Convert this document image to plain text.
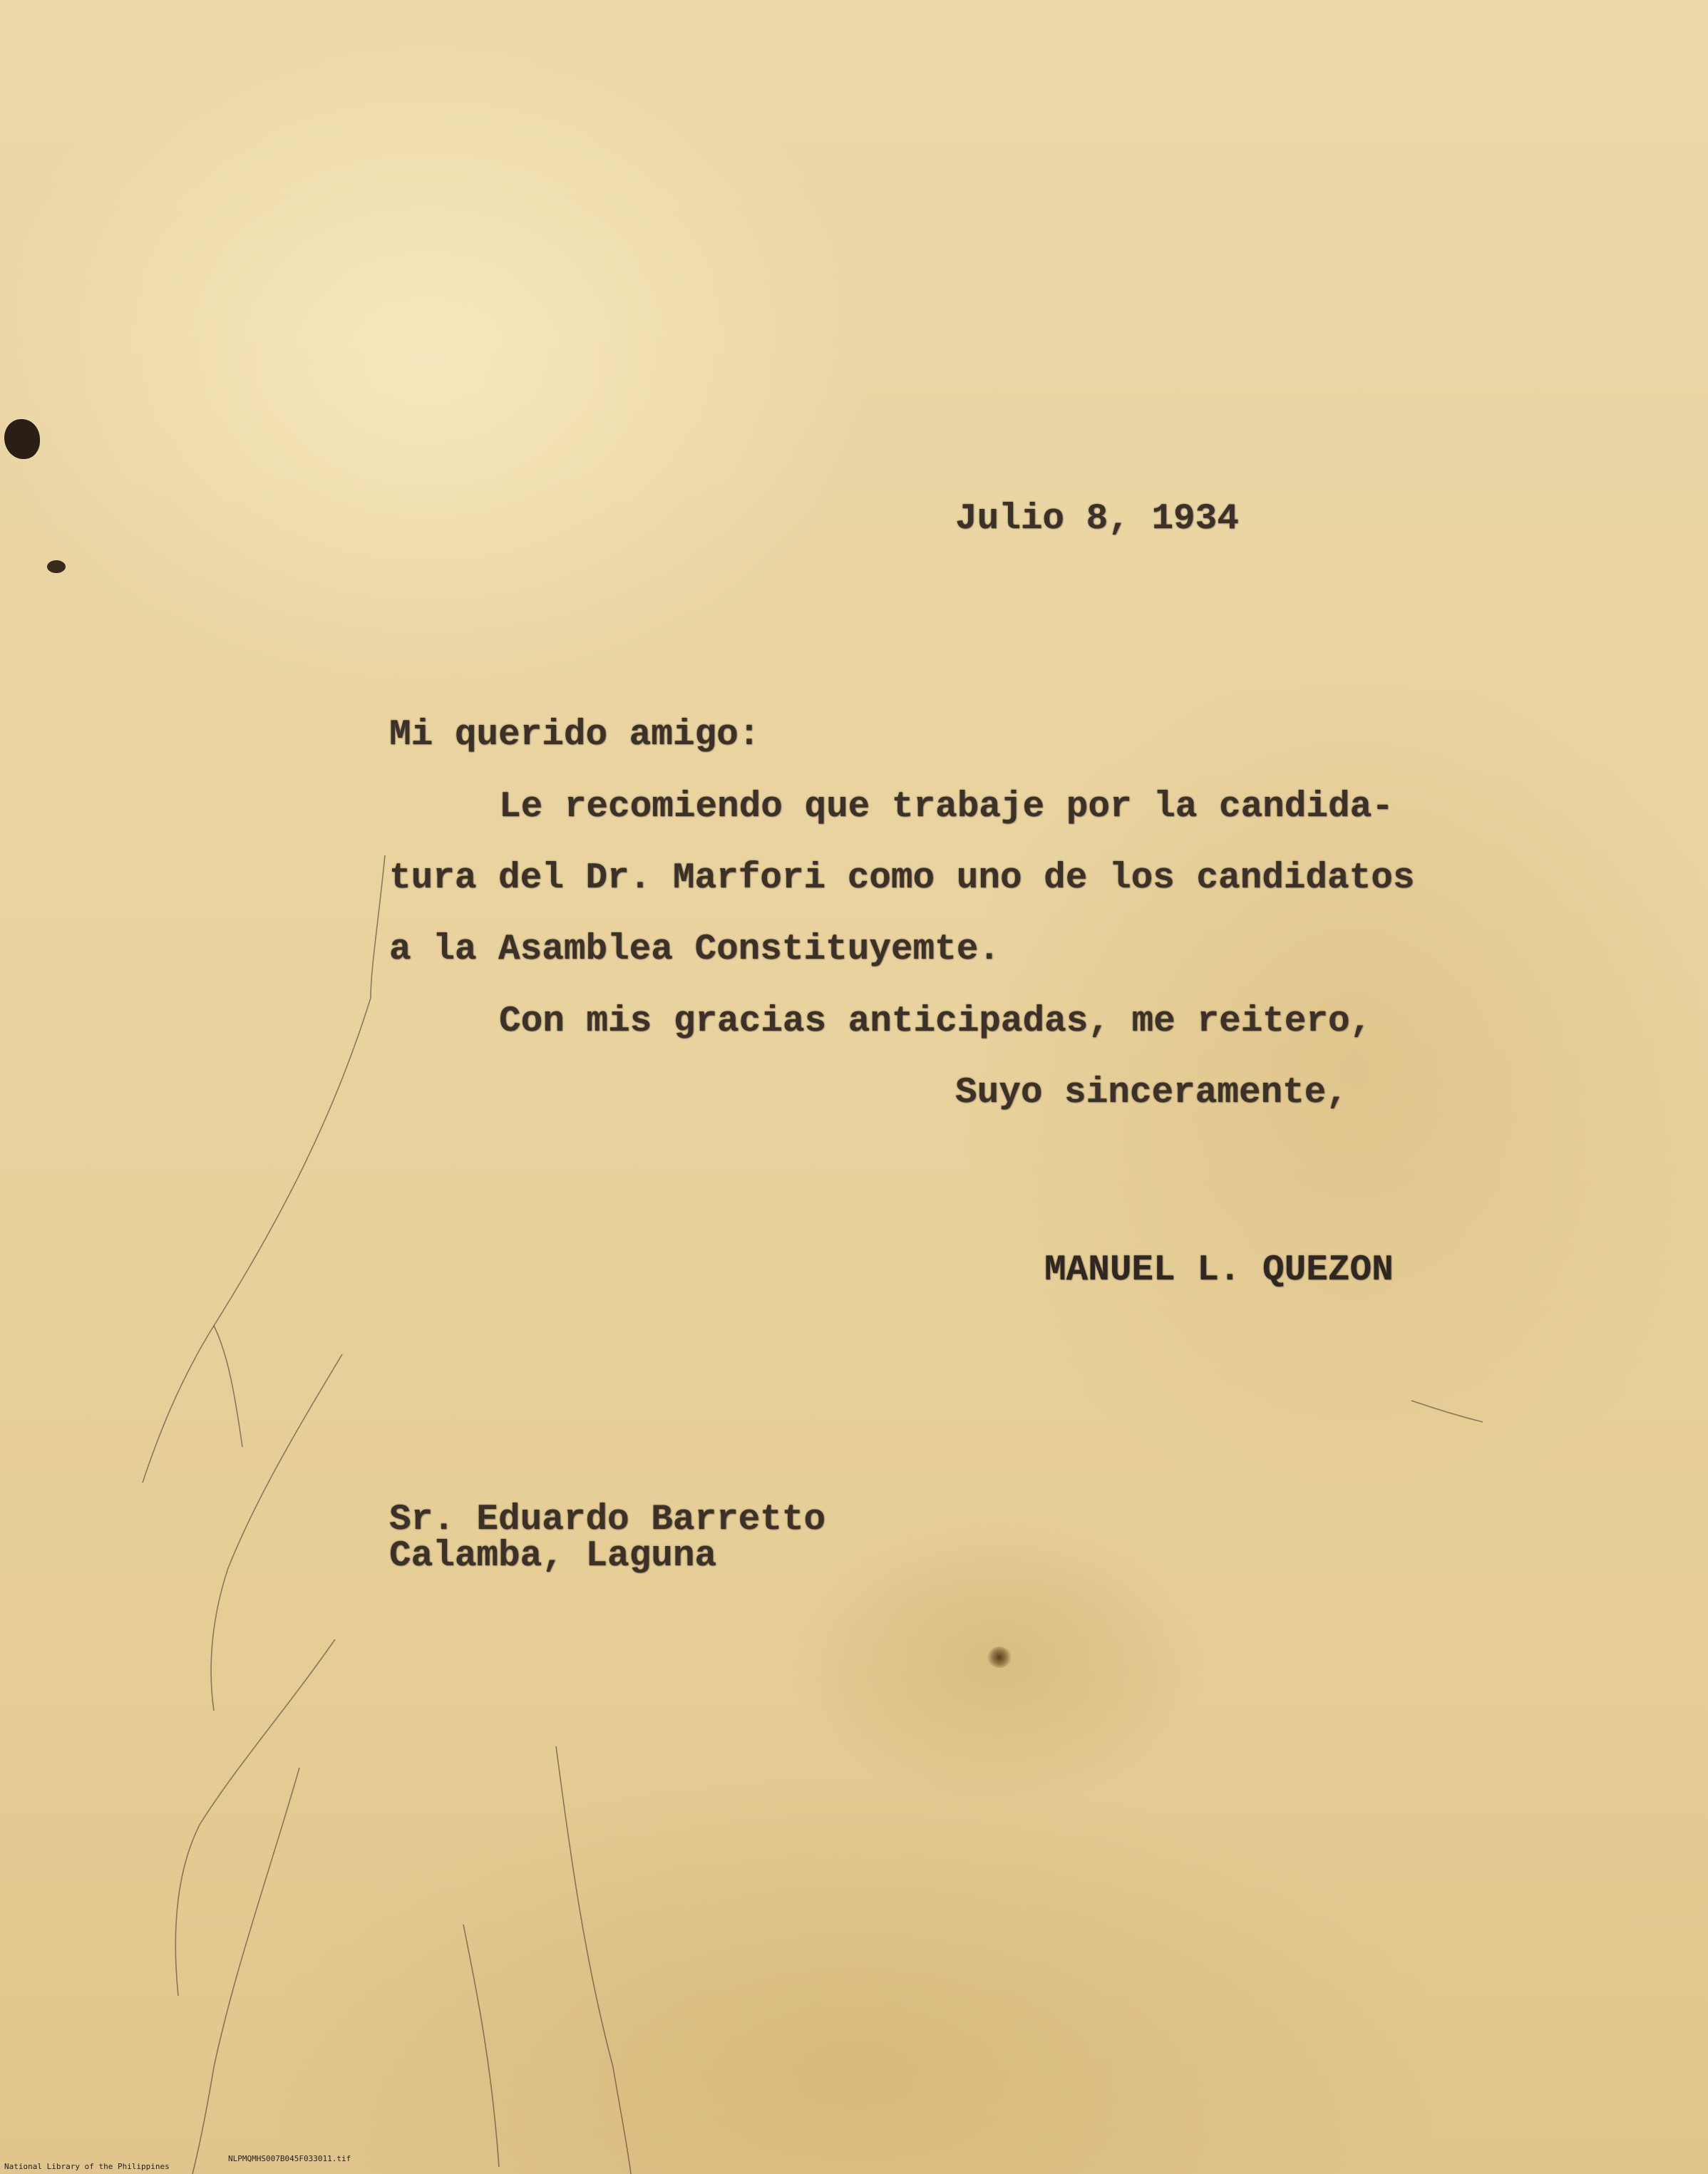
Julio 8, 1934

Mi querido amigo:

Le recomiendo que trabaje por la candida-

tura del Dr. Marfori como uno de los candidatos

a la Asamblea Constituyemte.

Con mis gracias anticipadas, me reitero,

Suyo sinceramente,

MANUEL L. QUEZON

Sr. Eduardo Barretto

Calamba, Laguna

National Library of the Philippines

NLPMQMHS007B045F033011.tif
